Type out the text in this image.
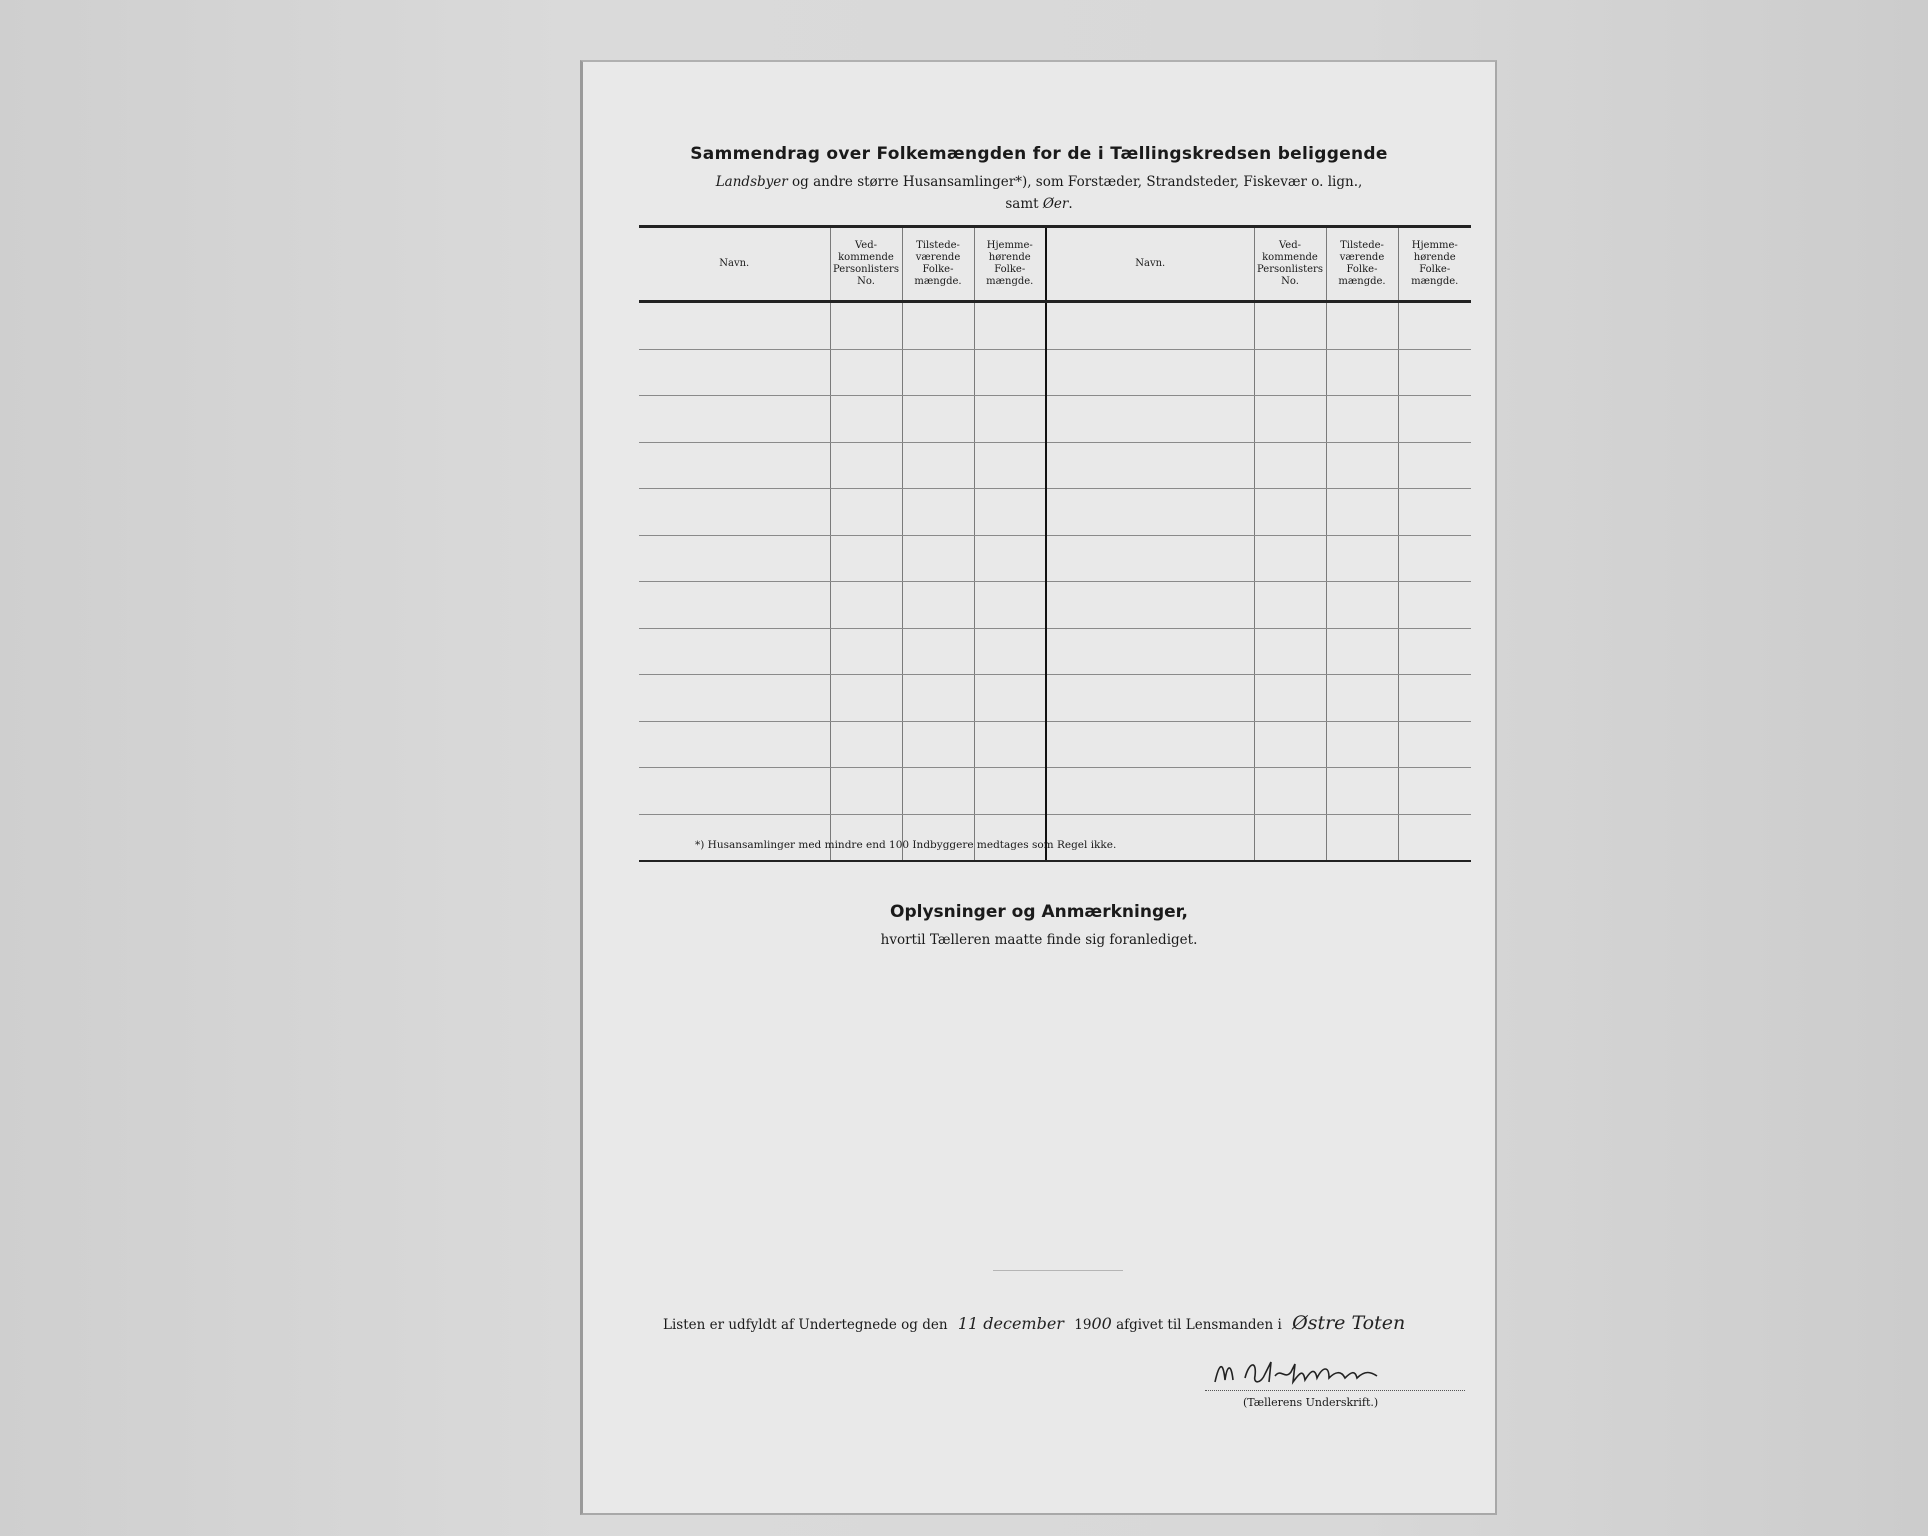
Sammendrag over Folkemængden for de i Tællingskredsen beliggende
Landsbyer og andre større Husansamlinger*), som Forstæder, Strandsteder, Fiskevær o. lign.,
samt Øer.
Navn.	Ved-kommende Personlisters No.	Tilstede-værende Folke-mængde.	Hjemme-hørende Folke-mængde.	Navn.	Ved-kommende Personlisters No.	Tilstede-værende Folke-mængde.	Hjemme-hørende Folke-mængde.

*) Husansamlinger med mindre end 100 Indbyggere medtages som Regel ikke.
Oplysninger og Anmærkninger,
hvortil Tælleren maatte finde sig foranlediget.
Listen er udfyldt af Undertegnede og den 11 december 1900 afgivet til Lensmanden i Østre Toten
(Tællerens Underskrift.)
